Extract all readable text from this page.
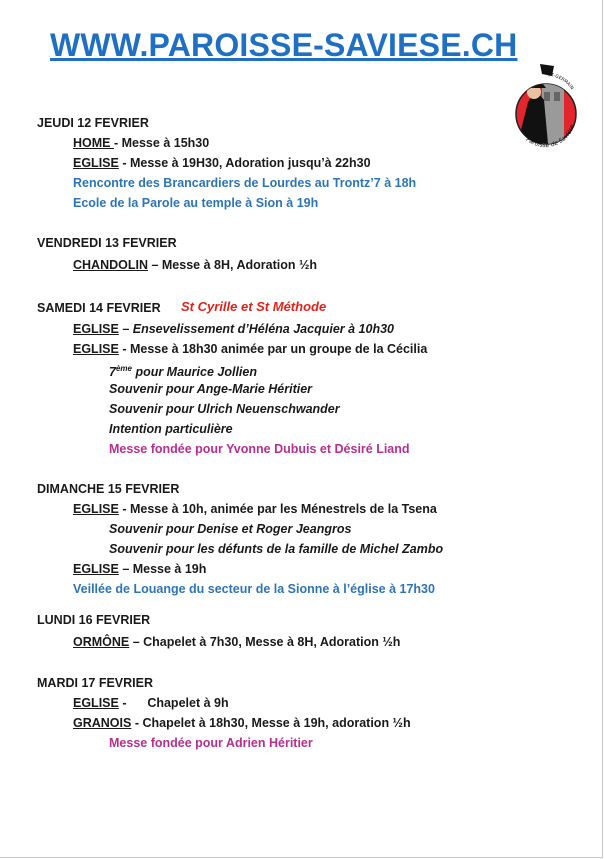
WWW.PAROISSE-SAVIESE.CH
ST-GERMAIN
Paroisse de Savièse
JEUDI 12 FEVRIER
HOME - Messe à 15h30
EGLISE - Messe à 19H30, Adoration jusqu’à 22h30
Rencontre des Brancardiers de Lourdes au Trontz’7 à 18h
Ecole de la Parole au temple à Sion à 19h
VENDREDI 13 FEVRIER
CHANDOLIN – Messe à 8H, Adoration ½h
SAMEDI 14 FEVRIER St Cyrille et St Méthode
EGLISE – Ensevelissement d’Héléna Jacquier à 10h30
EGLISE - Messe à 18h30 animée par un groupe de la Cécilia
7ème pour Maurice Jollien
Souvenir pour Ange-Marie Héritier
Souvenir pour Ulrich Neuenschwander
Intention particulière
Messe fondée pour Yvonne Dubuis et Désiré Liand
DIMANCHE 15 FEVRIER
EGLISE - Messe à 10h, animée par les Ménestrels de la Tsena
Souvenir pour Denise et Roger Jeangros
Souvenir pour les défunts de la famille de Michel Zambo
EGLISE – Messe à 19h
Veillée de Louange du secteur de la Sionne à l’église à 17h30
LUNDI 16 FEVRIER
ORMÔNE – Chapelet à 7h30, Messe à 8H, Adoration ½h
MARDI 17 FEVRIER
EGLISE -      Chapelet à 9h
GRANOIS - Chapelet à 18h30, Messe à 19h, adoration ½h
Messe fondée pour Adrien Héritier
